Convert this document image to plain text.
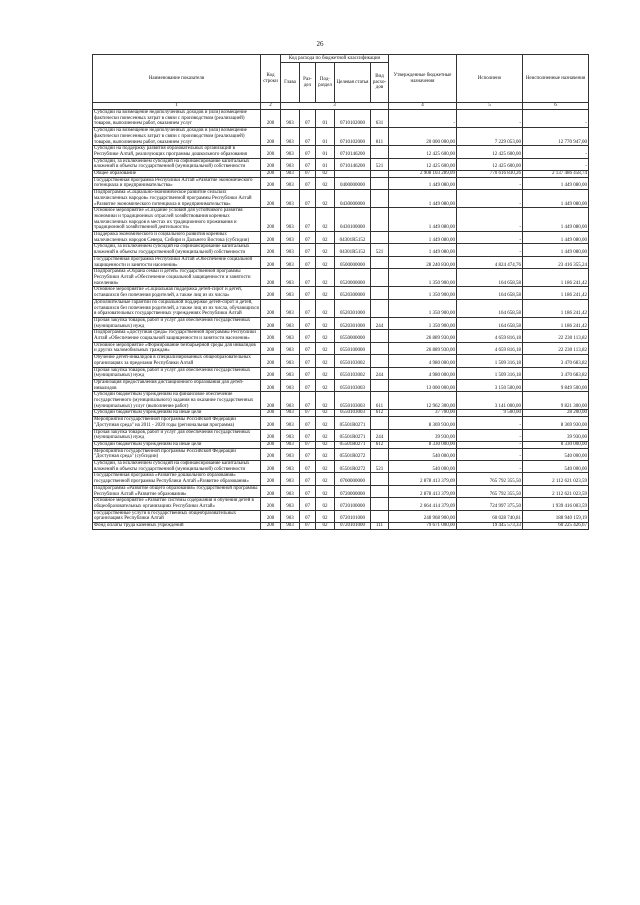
26
Наименование показателя	Код строки	Код расхода по бюджетной классификации					Утвержденные бюджетные назначения	Исполнено	Неисполненные назначения
		Глава	Раз-дел	Под-раздел	Целевая статья	Вид расхо-дов			
1	2	3					4	5	6
Субсидии на возмещение недополученных доходов и (или) возмещение фактически понесенных затрат в связи с производством (реализацией) товаров, выполнением работ, оказанием услуг	200	903	07	01	0710102000	631	-	-	-
Субсидии на возмещение недополученных доходов и (или) возмещение фактически понесенных затрат в связи с производством (реализацией) товаров, выполнением работ, оказанием услуг	200	903	07	01	0710102000	811	20 000 000,00	7 229 053,00	12 770 947,00
Субсидии на поддержку развития образовательных организаций в Республике Алтай, реализующих программы дошкольного образования	200	903	07	01	0710146200		12 425 600,00	12 425 600,00	-
Субсидии, за исключением субсидий на софинансирование капитальных вложений в объекты государственной (муниципальной) собственности	200	903	07	01	0710146200	521	12 425 600,00	12 425 600,00	-
Общее образование	200	903	07	02			2 908 103 289,09	770 616 830,26	2 137 486 458,74
Государственная программа Республики Алтай «Развитие экономического потенциала и предпринимательства»	200	903	07	02	0400000000		1 449 080,00	-	1 449 080,00
Подпрограмма «Социально-экономическое развитие сельских малочисленных народов» государственной программы Республики Алтай «Развитие экономического потенциала и предпринимательства»	200	903	07	02	0430000000		1 449 080,00	-	1 449 080,00
Основное мероприятие «Создание условий для устойчивого развития экономики и традиционных отраслей хозяйствования коренных малочисленных народов в местах их традиционного проживания и традиционной хозяйственной деятельности»	200	903	07	02	0430100000		1 449 080,00	-	1 449 080,00
Поддержка экономического и социального развития коренных малочисленных народов Севера, Сибири и Дальнего Востока (субсидии)	200	903	07	02	04301R5152		1 449 080,00	-	1 449 080,00
Субсидии, за исключением субсидий на софинансирование капитальных вложений в объекты государственной (муниципальной) собственности	200	903	07	02	04301R5152	521	1 449 080,00	-	1 449 080,00
Государственная программа Республики Алтай «Обеспечение социальной защищенности и занятости населения»	200	903	07	02	0500000000		28 240 830,00	4 824 474,76	23 416 355,24
Подпрограмма «Охрана семьи и детей» государственной программы Республики Алтай «Обеспечение социальной защищенности и занятости населения»	200	903	07	02	0520000000		1 350 900,00	164 658,58	1 186 241,42
Основное мероприятие «Социальная поддержка детей-сирот и детей, оставшихся без попечения родителей, а также лиц из их числа»	200	903	07	02	0520300000		1 350 900,00	164 658,58	1 186 241,42
Дополнительные гарантии по социальной поддержке детей-сирот и детей, оставшихся без попечения родителей, а также лиц из их числа, обучающихся в образовательных государственных учреждениях Республики Алтай	200	903	07	02	0520301000		1 350 900,00	164 658,58	1 186 241,42
Прочая закупка товаров, работ и услуг для обеспечения государственных (муниципальных) нужд	200	903	07	02	0520301000	244	1 350 900,00	164 658,58	1 186 241,42
Подпрограмма «Доступная среда» государственной программы Республики Алтай «Обеспечение социальной защищенности и занятости населения»	200	903	07	02	0550000000		26 889 930,00	4 659 816,18	22 230 113,82
Основное мероприятие «Формирование безбарьерной среды для инвалидов и других маломобильных граждан»	200	903	07	02	0550100000		26 889 930,00	4 659 816,18	22 230 113,82
Обучение детей-инвалидов в специализированных общеобразовательных организациях за пределами Республики Алтай	200	903	07	02	0550103002		4 980 000,00	1 509 316,18	3 470 683,82
Прочая закупка товаров, работ и услуг для обеспечения государственных (муниципальных) нужд	200	903	07	02	0550103002	244	4 980 000,00	1 509 316,18	3 470 683,82
Организация предоставления дистанционного образования для детей-инвалидов	200	903	07	02	0550103003		13 000 000,00	3 150 500,00	9 849 500,00
Субсидии бюджетным учреждениям на финансовое обеспечение государственного (муниципального) задания на оказание государственных (муниципальных) услуг (выполнение работ)	200	903	07	02	0550103003	611	12 962 300,00	3 141 000,00	9 821 300,00
Субсидии бюджетным учреждениям на иные цели	200	903	07	02	0550103003	612	37 700,00	9 500,00	28 200,00
Мероприятия государственной программы Российской Федерации "Доступная среда" на 2011 - 2020 годы (региональная программа)	200	903	07	02	05501R0271		8 369 930,00	-	8 369 930,00
Прочая закупка товаров, работ и услуг для обеспечения государственных (муниципальных) нужд	200	903	07	02	05501R0271	244	39 930,00	-	39 930,00
Субсидии бюджетным учреждениям на иные цели	200	903	07	02	05501R0271	612	8 330 000,00	-	8 330 000,00
Мероприятия государственной программы Российской Федерации "Доступная среда" (субсидии)	200	903	07	02	05501R0272		540 000,00	-	540 000,00
Субсидии, за исключением субсидий на софинансирование капитальных вложений в объекты государственной (муниципальной) собственности	200	903	07	02	05501R0272	521	540 000,00	-	540 000,00
Государственная программа «Развитие дошкольного образования» государственной программы Республики Алтай «Развитие образования»	200	903	07	02	0700000000		2 878 413 379,09	765 792 355,50	2 112 621 023,59
Подпрограмма «Развитие общего образования» государственной программы Республики Алтай «Развитие образования»	200	903	07	02	0720000000		2 878 413 379,09	765 792 355,50	2 112 621 023,59
Основное мероприятие «Развитие системы содержания и обучения детей в общеобразовательных организациях Республики Алтай»	200	903	07	02	0720100000		2 664 414 379,09	724 997 375,50	1 939 416 003,59
Государственные услуги в государственных общеобразовательных организациях Республики Алтай	200	903	07	02	0720101000		248 968 900,00	60 028 740,81	188 940 159,19
Фонд оплаты труда казенных учреждений	200	903	07	02	0720101000	111	79 671 000,00	19 445 573,33	60 225 426,67
